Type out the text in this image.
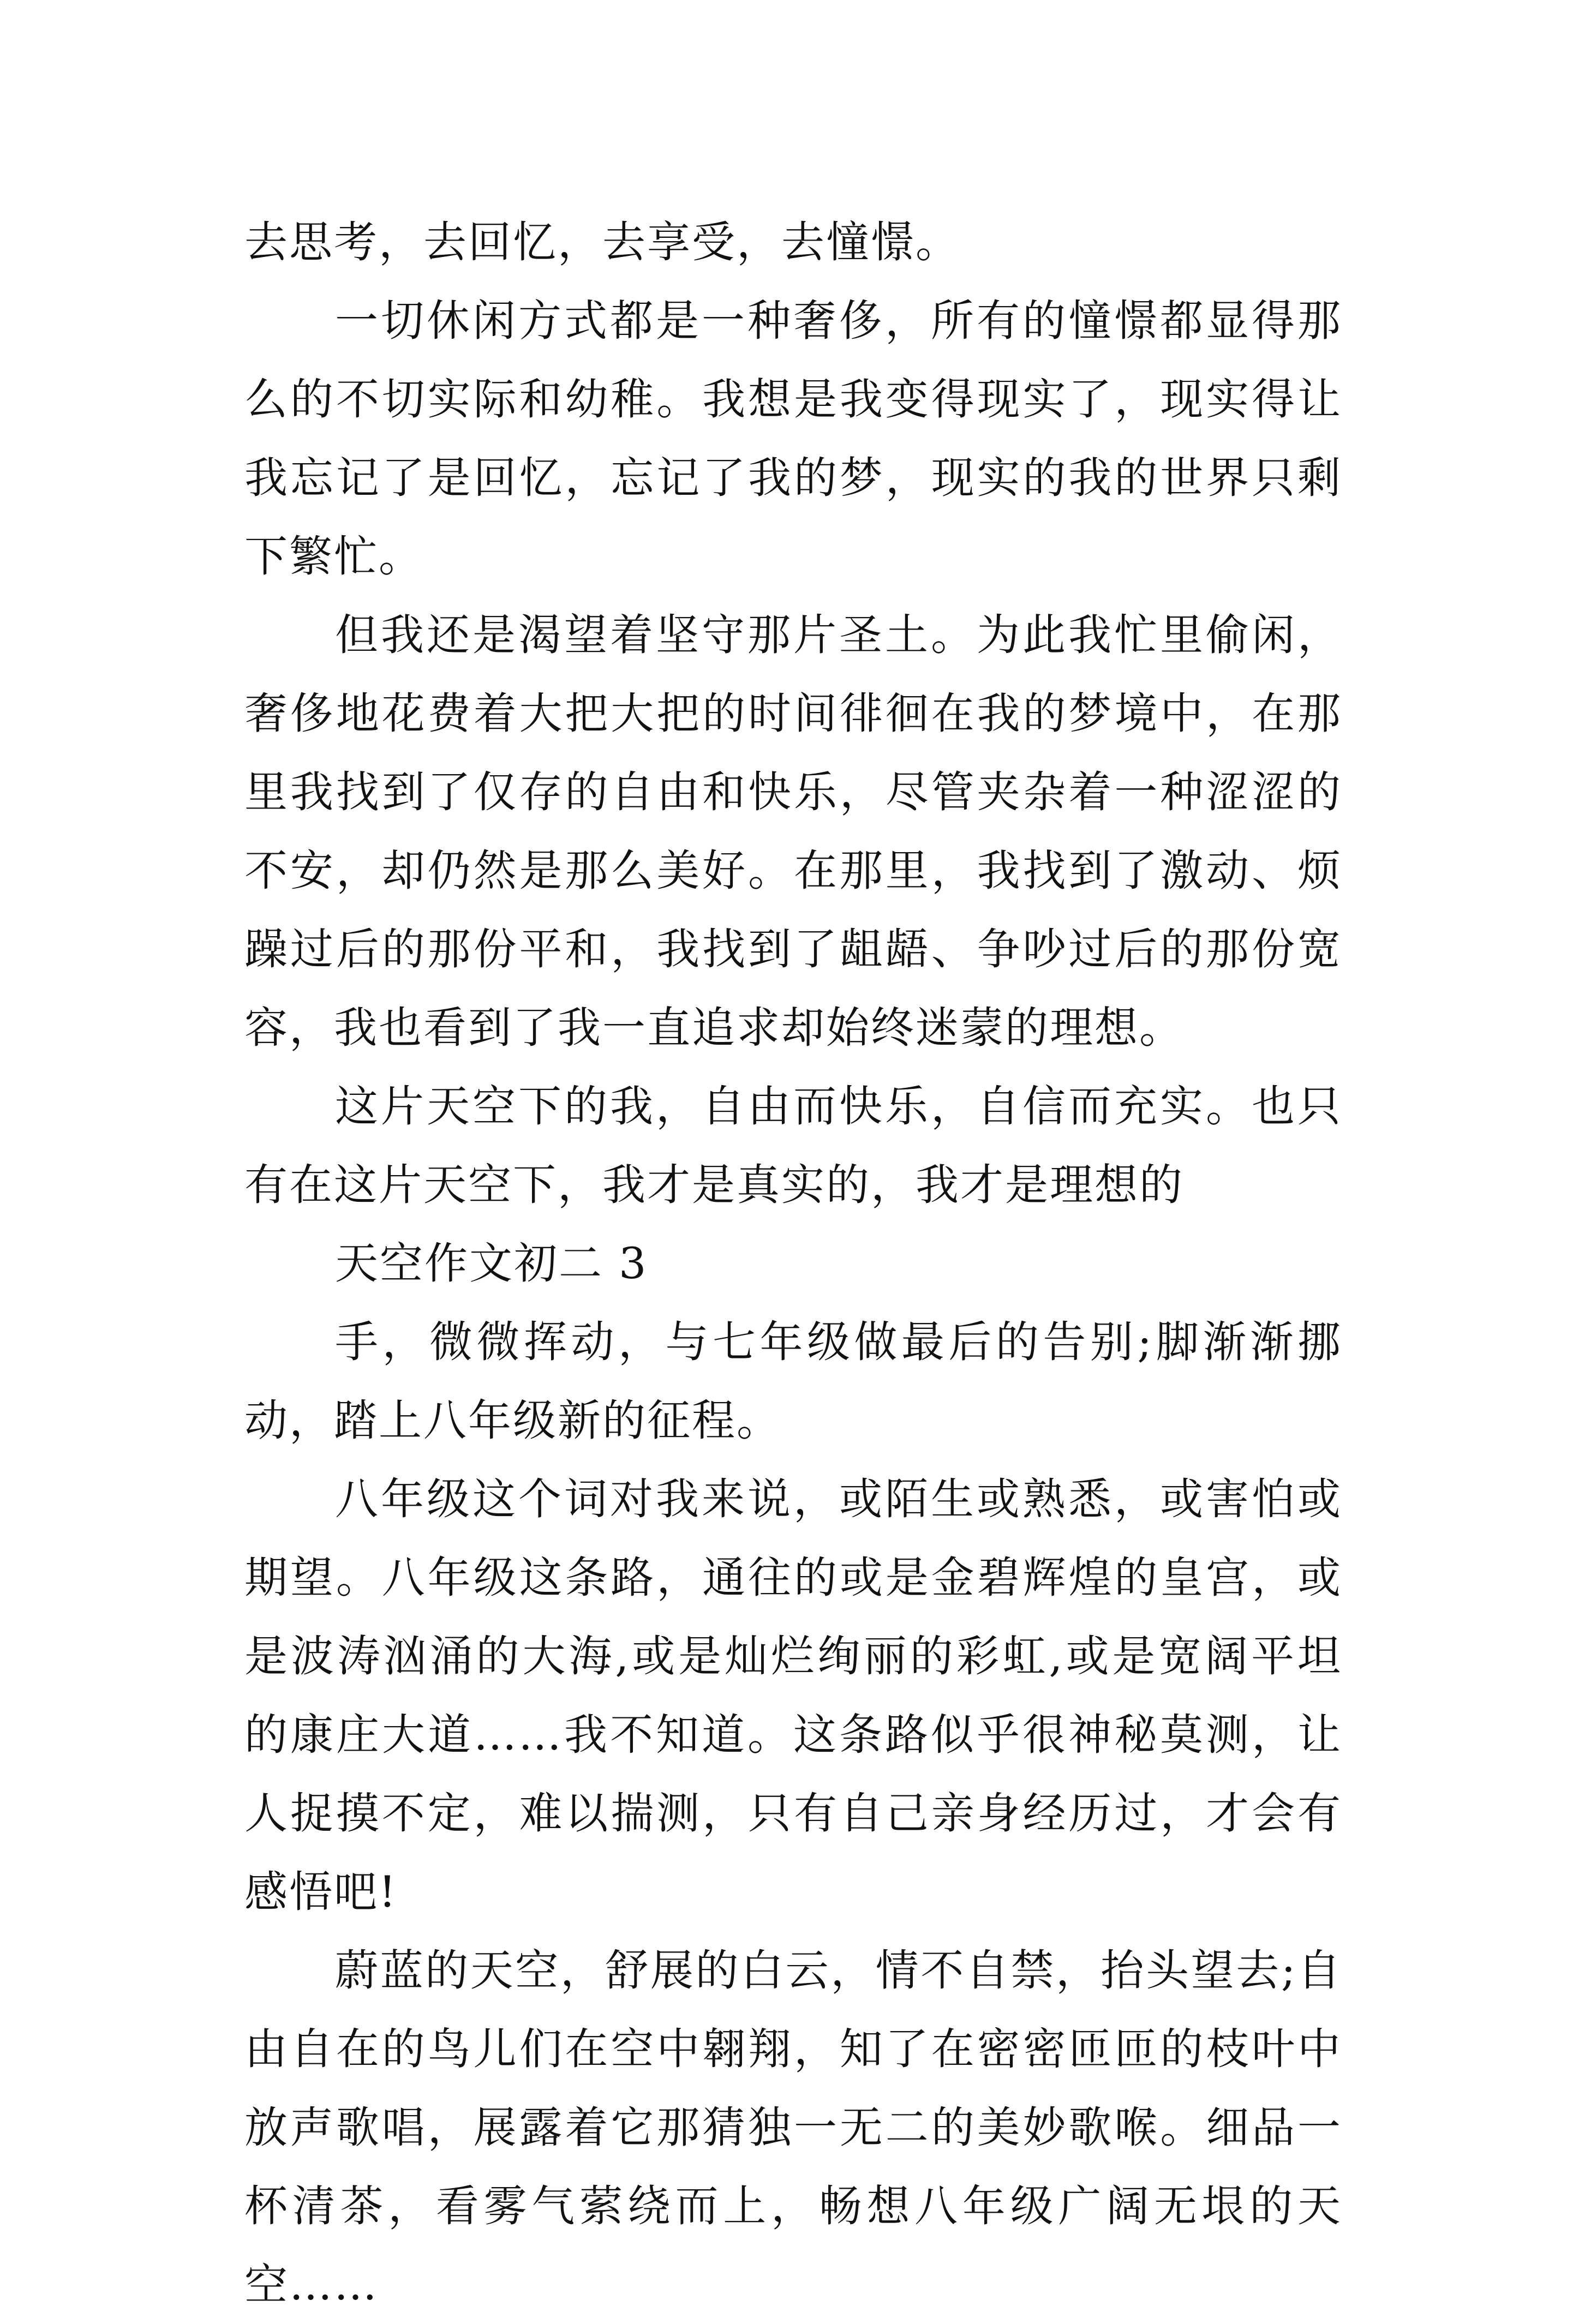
去思考，去回忆，去享受，去憧憬。

一切休闲方式都是一种奢侈，所有的憧憬都显得那么的不切实际和幼稚。我想是我变得现实了，现实得让我忘记了是回忆，忘记了我的梦，现实的我的世界只剩下繁忙。

但我还是渴望着坚守那片圣土。为此我忙里偷闲，奢侈地花费着大把大把的时间徘徊在我的梦境中，在那里我找到了仅存的自由和快乐，尽管夹杂着一种涩涩的不安，却仍然是那么美好。在那里，我找到了激动、烦躁过后的那份平和，我找到了龃龉、争吵过后的那份宽容，我也看到了我一直追求却始终迷蒙的理想。

这片天空下的我，自由而快乐，自信而充实。也只有在这片天空下，我才是真实的，我才是理想的

天空作文初二 3

手，微微挥动，与七年级做最后的告别;脚渐渐挪动，踏上八年级新的征程。

八年级这个词对我来说，或陌生或熟悉，或害怕或期望。八年级这条路，通往的或是金碧辉煌的皇宫，或是波涛汹涌的大海,或是灿烂绚丽的彩虹,或是宽阔平坦的康庄大道……我不知道。这条路似乎很神秘莫测，让人捉摸不定，难以揣测，只有自己亲身经历过，才会有感悟吧!

蔚蓝的天空，舒展的白云，情不自禁，抬头望去;自由自在的鸟儿们在空中翱翔，知了在密密匝匝的枝叶中放声歌唱，展露着它那猜独一无二的美妙歌喉。细品一杯清茶，看雾气萦绕而上，畅想八年级广阔无垠的天空……
